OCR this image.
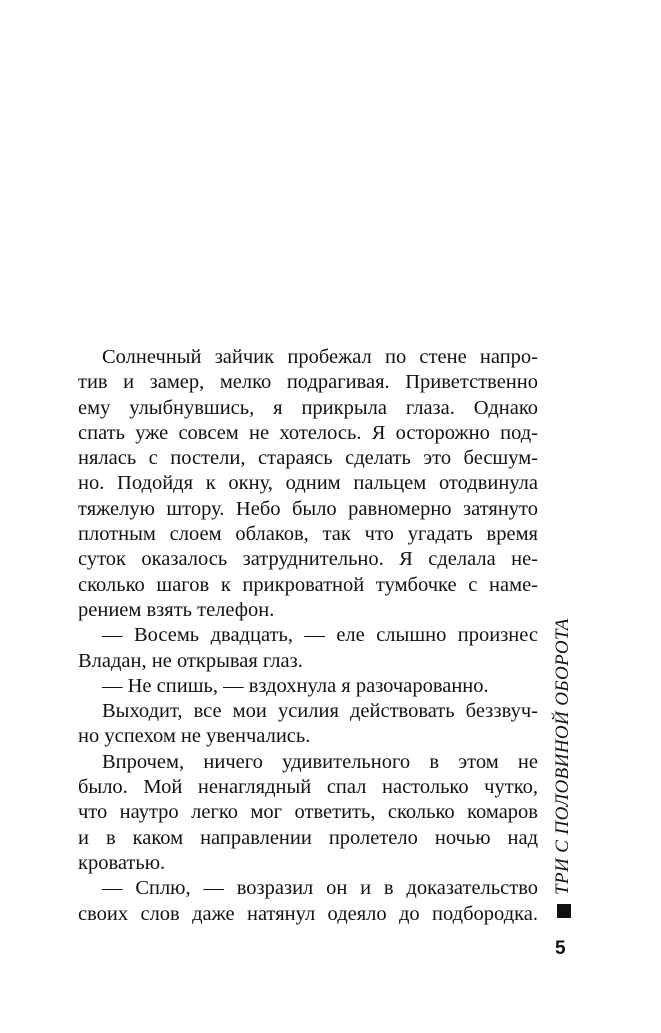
Солнечный зайчик пробежал по стене напро-
тив и замер, мелко подрагивая. Приветственно
ему улыбнувшись, я прикрыла глаза. Однако
спать уже совсем не хотелось. Я осторожно под-
нялась с постели, стараясь сделать это бесшум-
но. Подойдя к окну, одним пальцем отодвинула
тяжелую штору. Небо было равномерно затянуто
плотным слоем облаков, так что угадать время
суток оказалось затруднительно. Я сделала не-
сколько шагов к прикроватной тумбочке с наме-
рением взять телефон.
— Восемь двадцать, — еле слышно произнес
Владан, не открывая глаз.
— Не спишь, — вздохнула я разочарованно.
Выходит, все мои усилия действовать беззвуч-
но успехом не увенчались.
Впрочем, ничего удивительного в этом не
было. Мой ненаглядный спал настолько чутко,
что наутро легко мог ответить, сколько комаров
и в каком направлении пролетело ночью над
кроватью.
— Сплю, — возразил он и в доказательство
своих слов даже натянул одеяло до подбородка.
ТРИ С ПОЛОВИНОЙ ОБОРОТА
5
